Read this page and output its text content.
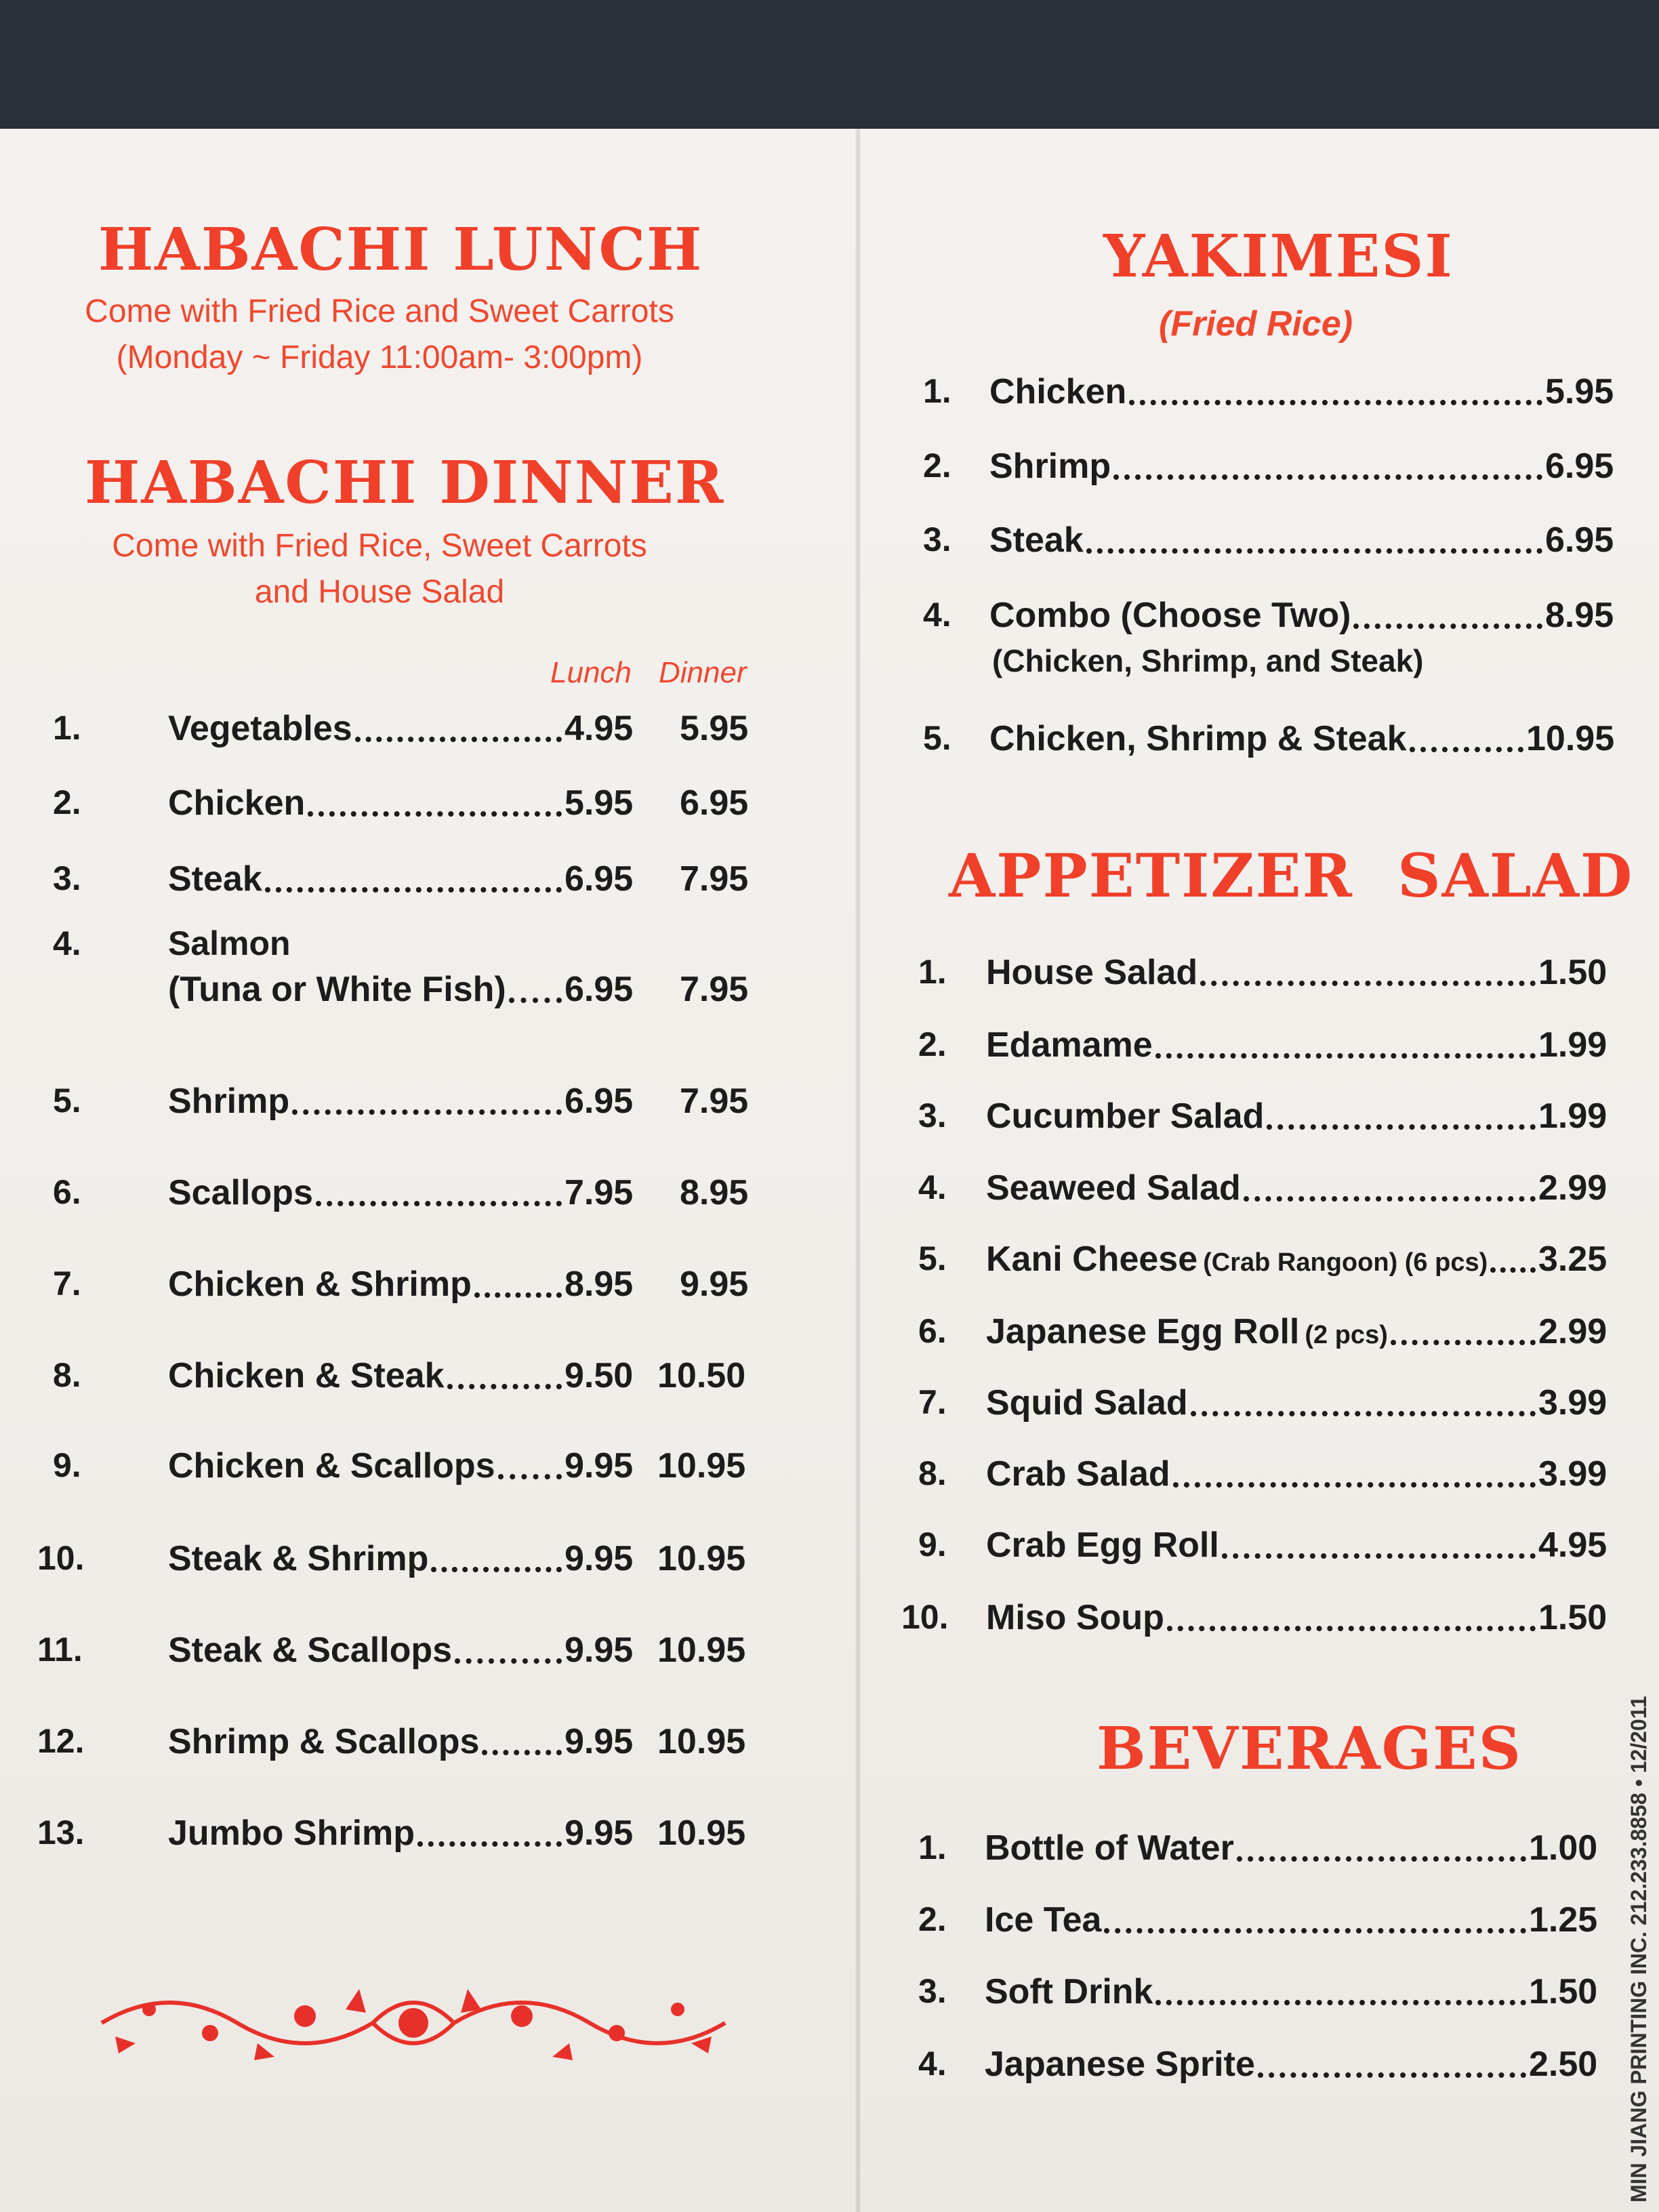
HABACHI LUNCH
Come with Fried Rice and Sweet Carrots
(Monday ~ Friday 11:00am- 3:00pm)
HABACHI DINNER
Come with Fried Rice, Sweet Carrots
and House Salad
Lunch Dinner
1. Vegetables	4.95 5.95
2. Chicken	5.95 6.95
3. Steak	6.95 7.95
4.	Salmon
(Tuna or White Fish) 6.95 7.95
5. Shrimp	6.95 7.95
6. Scallops	7.95 8.95
7. Chicken & Shrimp	8.95 9.95
8. Chicken & Steak	9.50 10.50
9. Chicken & Scallops 9.95 10.95
10. Steak & Shrimp	9.95 10.95
11. Steak & Scallops	9.95 10.95
12. Shrimp & Scallops 9.95 10.95
13. Jumbo Shrimp	9.95 10.95
YAKIMESI
(Fried Rice)
1. Chicken	5.95
2. Shrimp	6.95
3. Steak	6.95
4. Combo (Choose Two)	8.95
(Chicken, Shrimp, and Steak)
5. Chicken, Shrimp & Steak	10.95
APPETIZER  SALAD
1. House Salad	1.50
2. Edamame	1.99
3. Cucumber Salad	1.99
4. Seaweed Salad	2.99
5. Kani Cheese (Crab Rangoon) (6 pcs) 3.25
6. Japanese Egg Roll (2 pcs)	2.99
7. Squid Salad	3.99
8. Crab Salad	3.99
9. Crab Egg Roll	4.95
10. Miso Soup	1.50
BEVERAGES
1. Bottle of Water	1.00
2. Ice Tea	1.25
3. Soft Drink	1.50
4. Japanese Sprite	2.50 MIN JIANG PRINTING INC. 212.233.8858 • 12/2011
